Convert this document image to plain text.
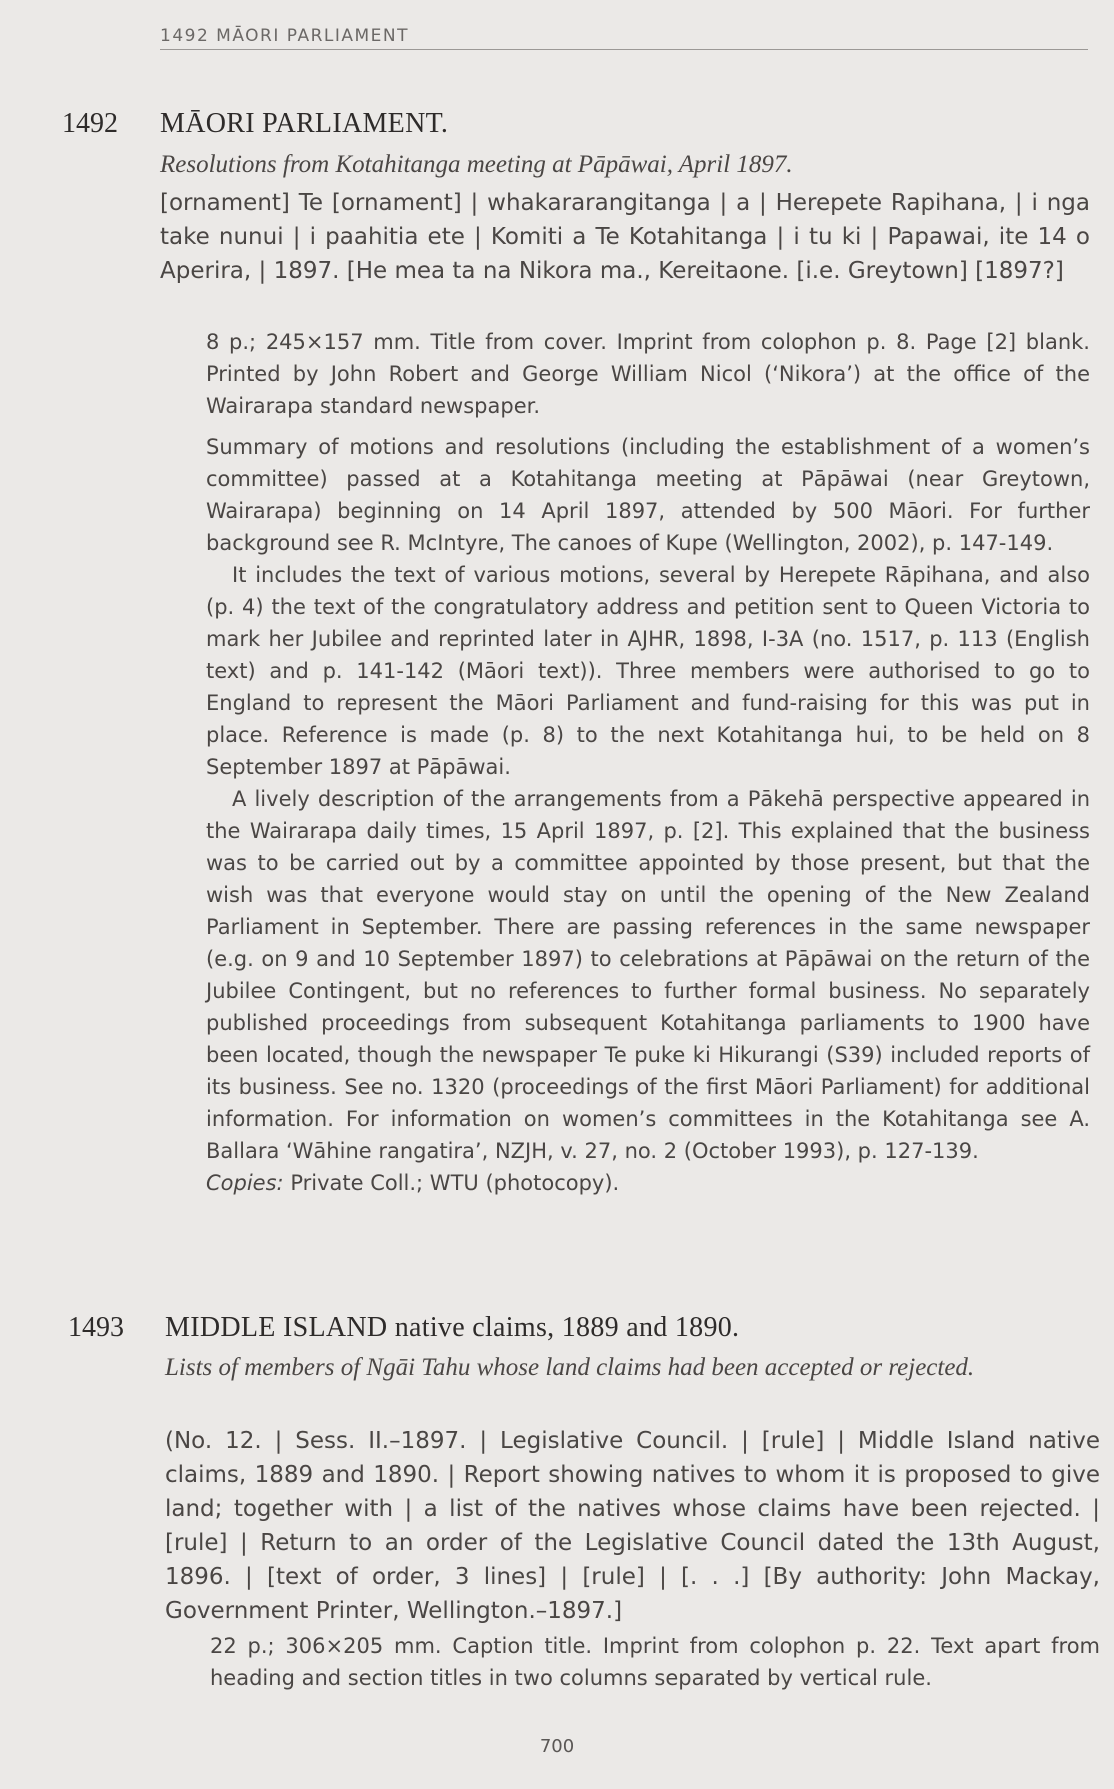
1492 MĀORI PARLIAMENT
1492 MĀORI PARLIAMENT.
Resolutions from Kotahitanga meeting at Pāpāwai, April 1897.
[ornament] Te [ornament] | whakararangitanga | a | Herepete Rapihana, | i nga take nunui | i paahitia ete | Komiti a Te Kotahitanga | i tu ki | Papawai, ite 14 o Aperira, | 1897. [He mea ta na Nikora ma., Kereitaone. [i.e. Greytown] [1897?]

8 p.; 245×157 mm. Title from cover. Imprint from colophon p. 8. Page [2] blank. Printed by John Robert and George William Nicol (‘Nikora’) at the office of the Wairarapa standard newspaper.

Summary of motions and resolutions (including the establishment of a women’s committee) passed at a Kotahitanga meeting at Pāpāwai (near Greytown, Wairarapa) beginning on 14 April 1897, attended by 500 Māori. For further background see R. McIntyre, The canoes of Kupe (Wellington, 2002), p. 147-149.

It includes the text of various motions, several by Herepete Rāpihana, and also (p. 4) the text of the congratulatory address and petition sent to Queen Victoria to mark her Jubilee and reprinted later in AJHR, 1898, I-3A (no. 1517, p. 113 (English text) and p. 141-142 (Māori text)). Three members were authorised to go to England to represent the Māori Parliament and fund-raising for this was put in place. Reference is made (p. 8) to the next Kotahitanga hui, to be held on 8 September 1897 at Pāpāwai.

A lively description of the arrangements from a Pākehā perspective appeared in the Wairarapa daily times, 15 April 1897, p. [2]. This explained that the business was to be carried out by a committee appointed by those present, but that the wish was that everyone would stay on until the opening of the New Zealand Parliament in September. There are passing references in the same newspaper (e.g. on 9 and 10 September 1897) to celebrations at Pāpāwai on the return of the Jubilee Contingent, but no references to further formal business. No separately published proceedings from subsequent Kotahitanga parliaments to 1900 have been located, though the newspaper Te puke ki Hikurangi (S39) included reports of its business. See no. 1320 (proceedings of the first Māori Parliament) for additional information. For information on women’s committees in the Kotahitanga see A. Ballara ‘Wāhine rangatira’, NZJH, v. 27, no. 2 (October 1993), p. 127-139.

Copies: Private Coll.; WTU (photocopy).

1493 MIDDLE ISLAND native claims, 1889 and 1890.
Lists of members of Ngāi Tahu whose land claims had been accepted or rejected.
(No. 12. | Sess. II.–1897. | Legislative Council. | [rule] | Middle Island native claims, 1889 and 1890. | Report showing natives to whom it is proposed to give land; together with | a list of the natives whose claims have been rejected. | [rule] | Return to an order of the Legislative Council dated the 13th August, 1896. | [text of order, 3 lines] | [rule] | [. . .] [By authority: John Mackay, Government Printer, Wellington.–1897.]

22 p.; 306×205 mm. Caption title. Imprint from colophon p. 22. Text apart from heading and section titles in two columns separated by vertical rule.

700
